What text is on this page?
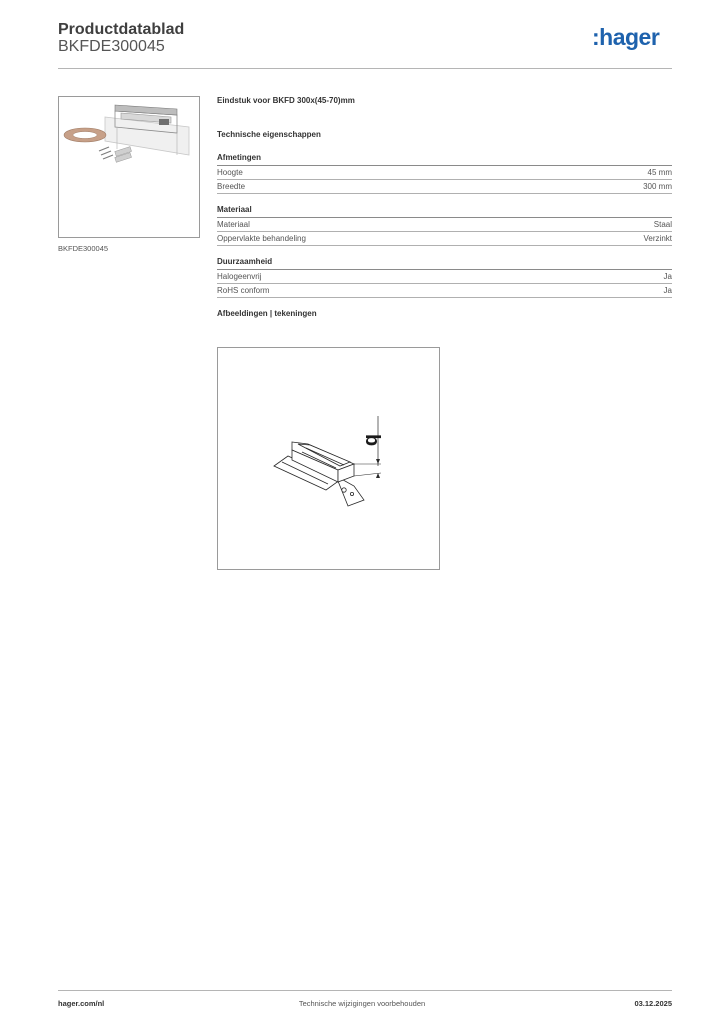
Productdatablad
BKFDE300045	:hager
BKFDE300045
Eindstuk voor BKFD 300x(45-70)mm
Technische eigenschappen
Afmetingen
Hoogte	45 mm
Breedte	300 mm
Materiaal
Materiaal	Staal
Oppervlakte behandeling	Verzinkt
Duurzaamheid
Halogeenvrij	Ja
RoHS conform	Ja
Afbeeldingen | tekeningen
b
hager.com/nl	Technische wijzigingen voorbehouden	03.12.2025
